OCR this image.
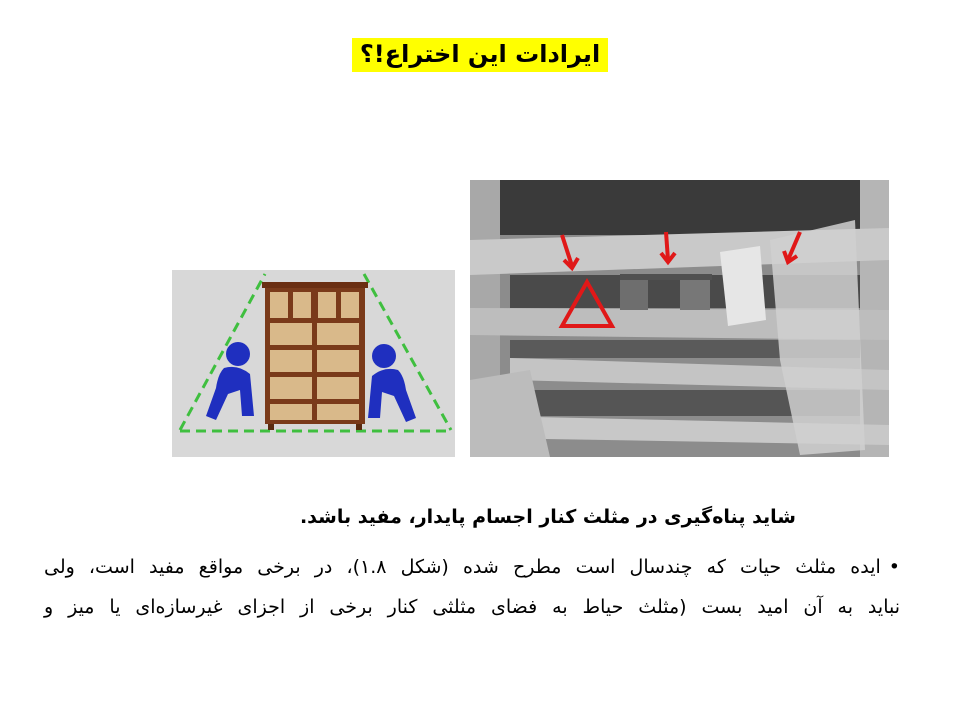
ایرادات این اختراع!؟
شاید پناه‌گیری در مثلث کنار اجسام پایدار، مفید باشد.
•ایده مثلث حیات که چندسال است مطرح شده (شکل ۱.۸)، در برخی مواقع مفید است، ولی
نباید به آن امید بست (مثلث حیاط به فضای مثلثی کنار برخی از اجزای غیرسازه‌ای یا میز و
